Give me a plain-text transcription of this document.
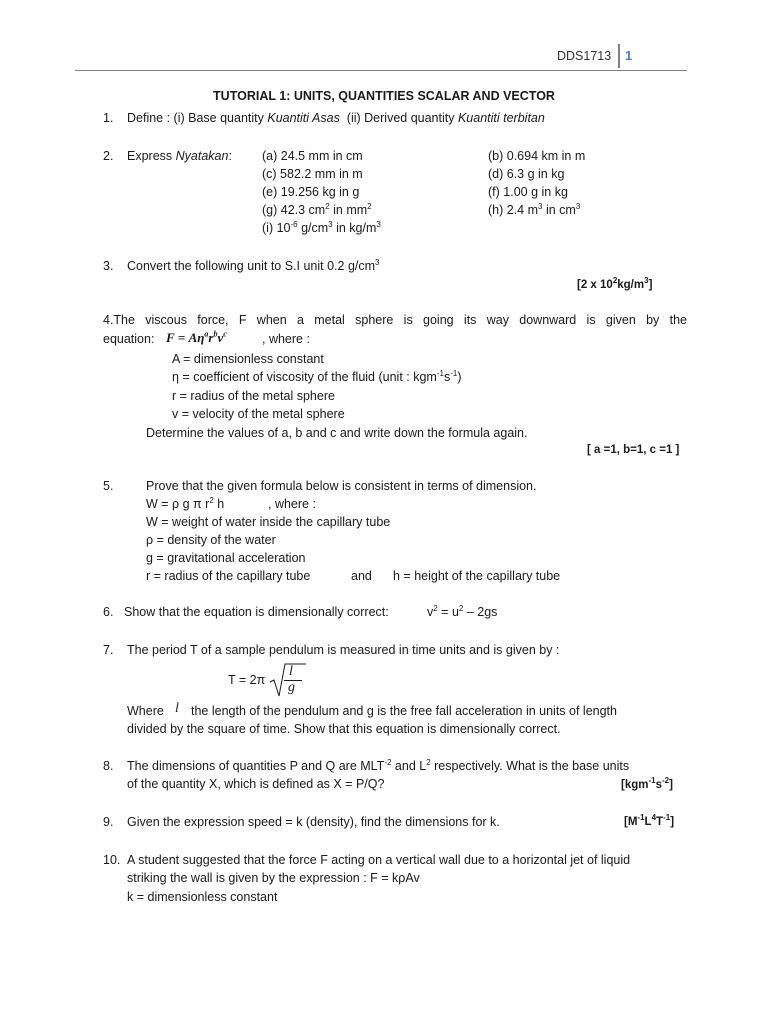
DDS1713 1
TUTORIAL 1: UNITS, QUANTITIES SCALAR AND VECTOR
1. Define : (i) Base quantity Kuantiti Asas  (ii) Derived quantity Kuantiti terbitan
2. Express Nyatakan: (a) 24.5 mm in cm	(b) 0.694 km in m
(c) 582.2 mm in m	(d) 6.3 g in kg
(e) 19.256 kg in g	(f) 1.00 g in kg
(g) 42.3 $cm^2$ in $mm^2$	(h) 2.4 $m^3$ in $cm^3$
(i) $10^{-6}$ $g/cm^3$ in $kg/m^3$
3. Convert the following unit to S.I unit 0.2 $g/cm^3$
[2 x $10^2kg/m^3$]
4.The viscous force, F when a metal sphere is going its way downward is given by the
equation: $F = A\eta^ar^bv^c$	, where :
A = dimensionless constant
η = coefficient of viscosity of the fluid (unit : $kgm^{-1}s^{-1}$)
r = radius of the metal sphere
v = velocity of the metal sphere
Determine the values of a, b and c and write down the formula again.
[ a =1, b=1, c =1 ]
5.	Prove that the given formula below is consistent in terms of dimension.
W = ρ g π $r^2$ h	, where :
W = weight of water inside the capillary tube
ρ = density of the water
g = gravitational acceleration
r = radius of the capillary tube	and h = height of the capillary tube
6. Show that the equation is dimensionally correct:	$v^2 = u^2 - 2gs$
7. The period T of a sample pendulum is measured in time units and is given by :
T = 2π
l
g
Where l the length of the pendulum and g is the free fall acceleration in units of length
divided by the square of time. Show that this equation is dimensionally correct.
8. The dimensions of quantities P and Q are $MLT^{-2}$ and $L^2$ respectively. What is the base units
of the quantity X, which is defined as X = P/Q?	$[kgm^{-1}s^{-2}]$
9. Given the expression speed = k (density), find the dimensions for k.	$[M^{-1}L^4T^{-1}]$
10. A student suggested that the force F acting on a vertical wall due to a horizontal jet of liquid
striking the wall is given by the expression : F = kρAv
k = dimensionless constant
